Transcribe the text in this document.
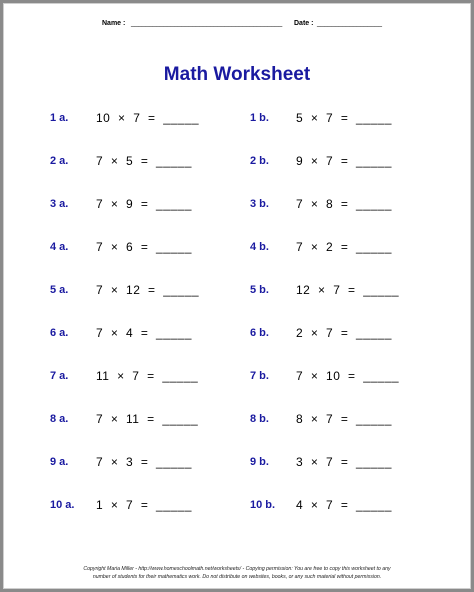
Name : __________________________________________ Date : __________________
Math Worksheet
Copyright Maria Miller - http://www.homeschoolmath.net/worksheets/ - Copying permission: You are free to copy this worksheet to any
number of students for their mathematics work. Do not distribute on websites, books, or any such material without permission.
1 a. 10  ×  7  =  _____
2 a. 7  ×  5  =  _____
3 a. 7  ×  9  =  _____
4 a. 7  ×  6  =  _____
5 a. 7  ×  12  =  _____
6 a. 7  ×  4  =  _____
7 a. 11  ×  7  =  _____
8 a. 7  ×  11  =  _____
9 a. 7  ×  3  =  _____
10 a. 1  ×  7  =  _____
1 b. 5  ×  7  =  _____
2 b. 9  ×  7  =  _____
3 b. 7  ×  8  =  _____
4 b. 7  ×  2  =  _____
5 b. 12  ×  7  =  _____
6 b. 2  ×  7  =  _____
7 b. 7  ×  10  =  _____
8 b. 8  ×  7  =  _____
9 b. 3  ×  7  =  _____
10 b. 4  ×  7  =  _____
